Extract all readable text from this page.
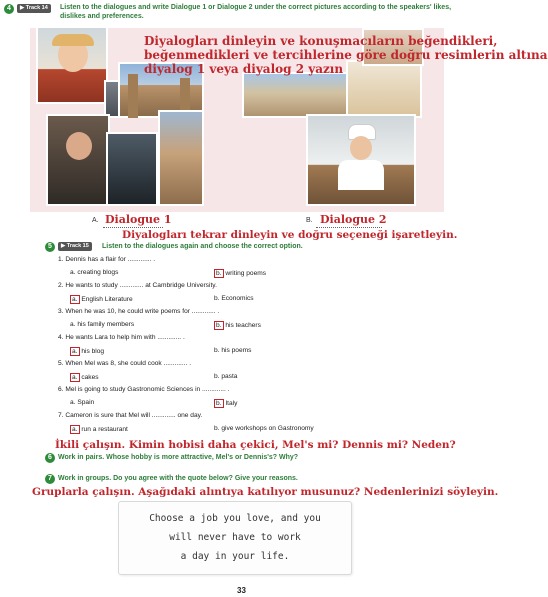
4	▶ Track 14	Listen to the dialogues and write Dialogue 1 or Dialogue 2 under the correct pictures according to the speakers' likes, dislikes and preferences.
Diyalogları dinleyin ve konuşmacıların beğendikleri,
beğenmedikleri ve tercihlerine göre doğru resimlerin altına
diyalog 1 veya diyalog 2 yazın
A. Dialogue 1	B. Dialogue 2
Diyalogları tekrar dinleyin ve doğru seçeneği işaretleyin.
5	▶ Track 15	Listen to the dialogues again and choose the correct option.
1. Dennis has a flair for ............. .
a. creating blogs	b. writing poems
2. He wants to study ............. at Cambridge University.
a. English Literature	b. Economics
3. When he was 10, he could write poems for ............. .
a. his family members	b. his teachers
4. He wants Lara to help him with ............. .
a. his blog	b. his poems
5. When Mel was 8, she could cook ............. .
a. cakes	b. pasta
6. Mel is going to study Gastronomic Sciences in ............. .
a. Spain	b. Italy
7. Cameron is sure that Mel will ............. one day.
a. run a restaurant	b. give workshops on Gastronomy
İkili çalışın. Kimin hobisi daha çekici, Mel's mi? Dennis mi? Neden?
6 Work in pairs. Whose hobby is more attractive, Mel's or Dennis's? Why?
7 Work in groups. Do you agree with the quote below? Give your reasons.
Gruplarla çalışın. Aşağıdaki alıntıya katılıyor musunuz? Nedenlerinizi söyleyin.
Choose a job you love, and you
will never have to work
a day in your life.
33
